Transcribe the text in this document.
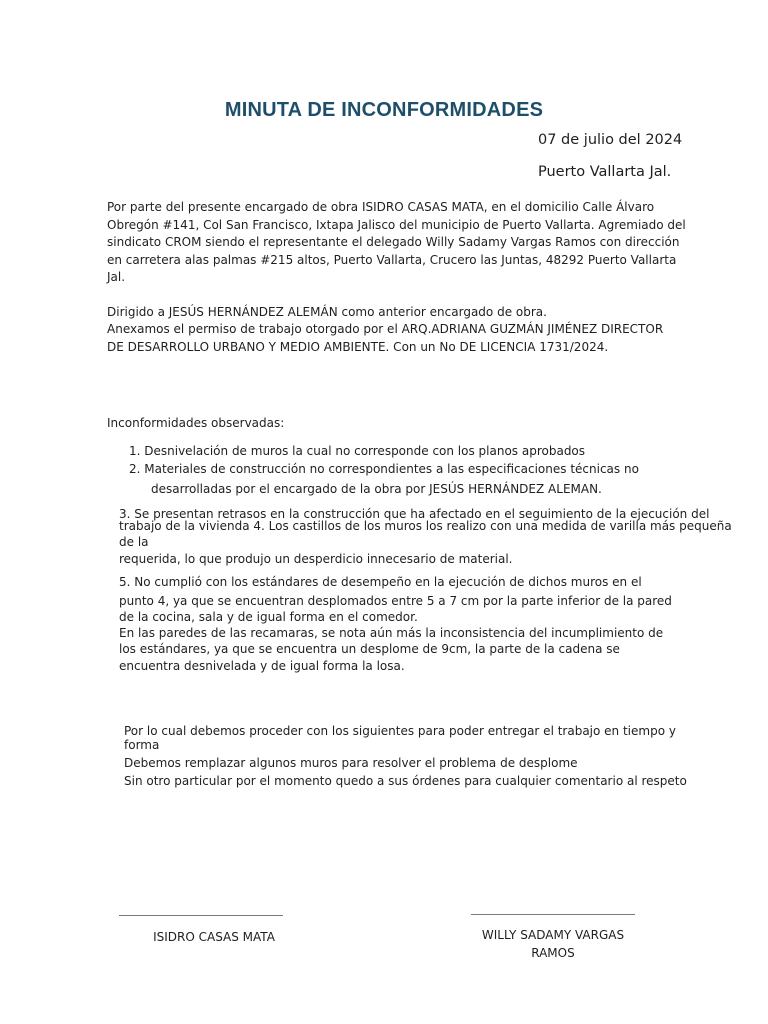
MINUTA DE INCONFORMIDADES
07 de julio del 2024
Puerto Vallarta Jal.
Por parte del presente encargado de obra ISIDRO CASAS MATA, en el domicilio Calle Álvaro
Obregón #141, Col San Francisco, Ixtapa Jalisco del municipio de Puerto Vallarta. Agremiado del
sindicato CROM siendo el representante el delegado Willy Sadamy Vargas Ramos con dirección
en carretera alas palmas #215 altos, Puerto Vallarta, Crucero las Juntas, 48292 Puerto Vallarta
Jal.
Dirigido a JESÚS HERNÁNDEZ ALEMÁN como anterior encargado de obra.
Anexamos el permiso de trabajo otorgado por el ARQ.ADRIANA GUZMÁN JIMÉNEZ DIRECTOR
DE DESARROLLO URBANO Y MEDIO AMBIENTE. Con un No DE LICENCIA 1731/2024.
Inconformidades observadas:
1. Desnivelación de muros la cual no corresponde con los planos aprobados
2. Materiales de construcción no correspondientes a las especificaciones técnicas no
desarrolladas por el encargado de la obra por JESÚS HERNÁNDEZ ALEMAN.
3. Se presentan retrasos en la construcción que ha afectado en el seguimiento de la ejecución del
trabajo de la vivienda 4. Los castillos de los muros los realizo con una medida de varilla más pequeña
de la
requerida, lo que produjo un desperdicio innecesario de material.
5. No cumplió con los estándares de desempeño en la ejecución de dichos muros en el
punto 4, ya que se encuentran desplomados entre 5 a 7 cm por la parte inferior de la pared
de la cocina, sala y de igual forma en el comedor.
En las paredes de las recamaras, se nota aún más la inconsistencia del incumplimiento de
los estándares, ya que se encuentra un desplome de 9cm, la parte de la cadena se
encuentra desnivelada y de igual forma la losa.
Por lo cual debemos proceder con los siguientes para poder entregar el trabajo en tiempo y
forma
Debemos remplazar algunos muros para resolver el problema de desplome
Sin otro particular por el momento quedo a sus órdenes para cualquier comentario al respeto
ISIDRO CASAS MATA	WILLY SADAMY VARGAS
RAMOS
